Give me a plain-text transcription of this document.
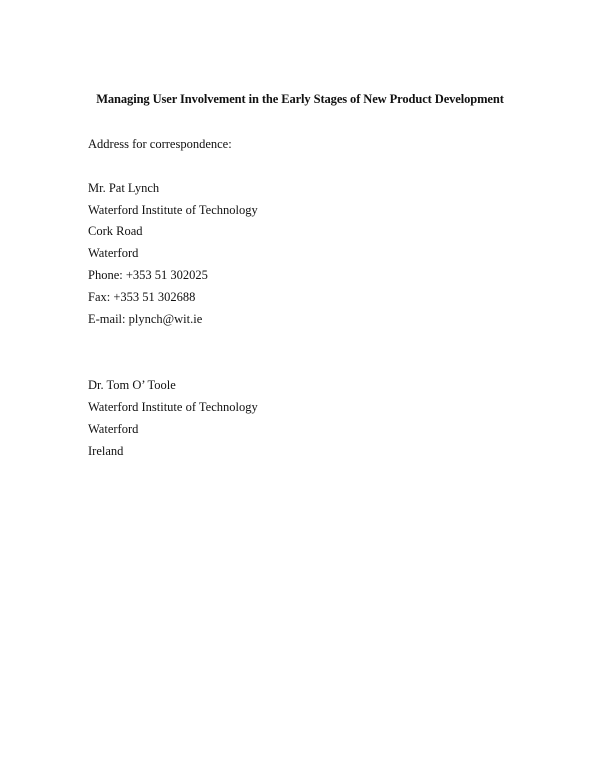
Managing User Involvement in the Early Stages of New Product Development

Address for correspondence:

Mr. Pat Lynch

Waterford Institute of Technology

Cork Road

Waterford

Phone: +353 51 302025

Fax: +353 51 302688

E-mail: plynch@wit.ie

Dr. Tom O’ Toole

Waterford Institute of Technology

Waterford

Ireland
